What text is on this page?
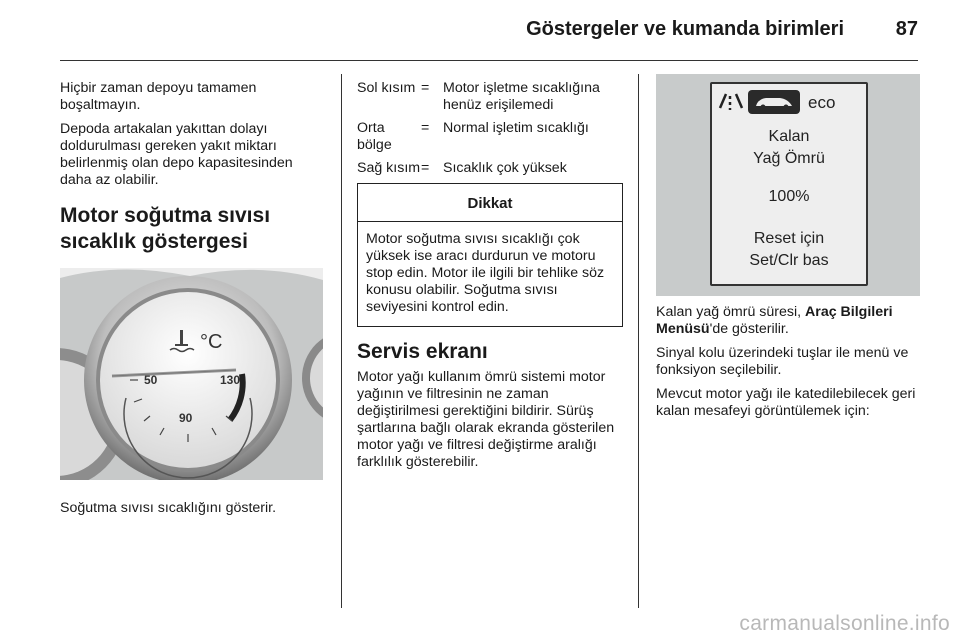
Göstergeler ve kumanda birimleri	87

Hiçbir zaman depoyu tamamen boşaltmayın.

Depoda artakalan yakıttan dolayı doldurulması gereken yakıt miktarı belirlenmiş olan depo kapasitesinden daha az olabilir.

Motor soğutma sıvısı sıcaklık göstergesi
°C
50
90
130

Soğutma sıvısı sıcaklığını gösterir.

Sol kısım = Motor işletme sıcaklığına henüz erişilemedi
Orta bölge
= Normal işletim sıcaklığı
Sağ kısım = Sıcaklık çok yüksek
Dikkat
Motor soğutma sıvısı sıcaklığı çok yüksek ise aracı durdurun ve motoru stop edin. Motor ile ilgili bir tehlike söz konusu olabilir. Soğutma sıvısı seviyesini kontrol edin.
Servis ekranı

Motor yağı kullanım ömrü sistemi motor yağının ve filtresinin ne zaman değiştirilmesi gerektiğini bildirir. Sürüş şartlarına bağlı olarak ekranda gösterilen motor yağı ve filtresi değiştirme aralığı farklılık gösterebilir.

eco
Kalan
Yağ Ömrü
100%
Reset için
Set/Clr bas

Kalan yağ ömrü süresi, Araç Bilgileri Menüsü'de gösterilir.

Sinyal kolu üzerindeki tuşlar ile menü ve fonksiyon seçilebilir.

Mevcut motor yağı ile katedilebilecek geri kalan mesafeyi görüntülemek için:

carmanualsonline.info
